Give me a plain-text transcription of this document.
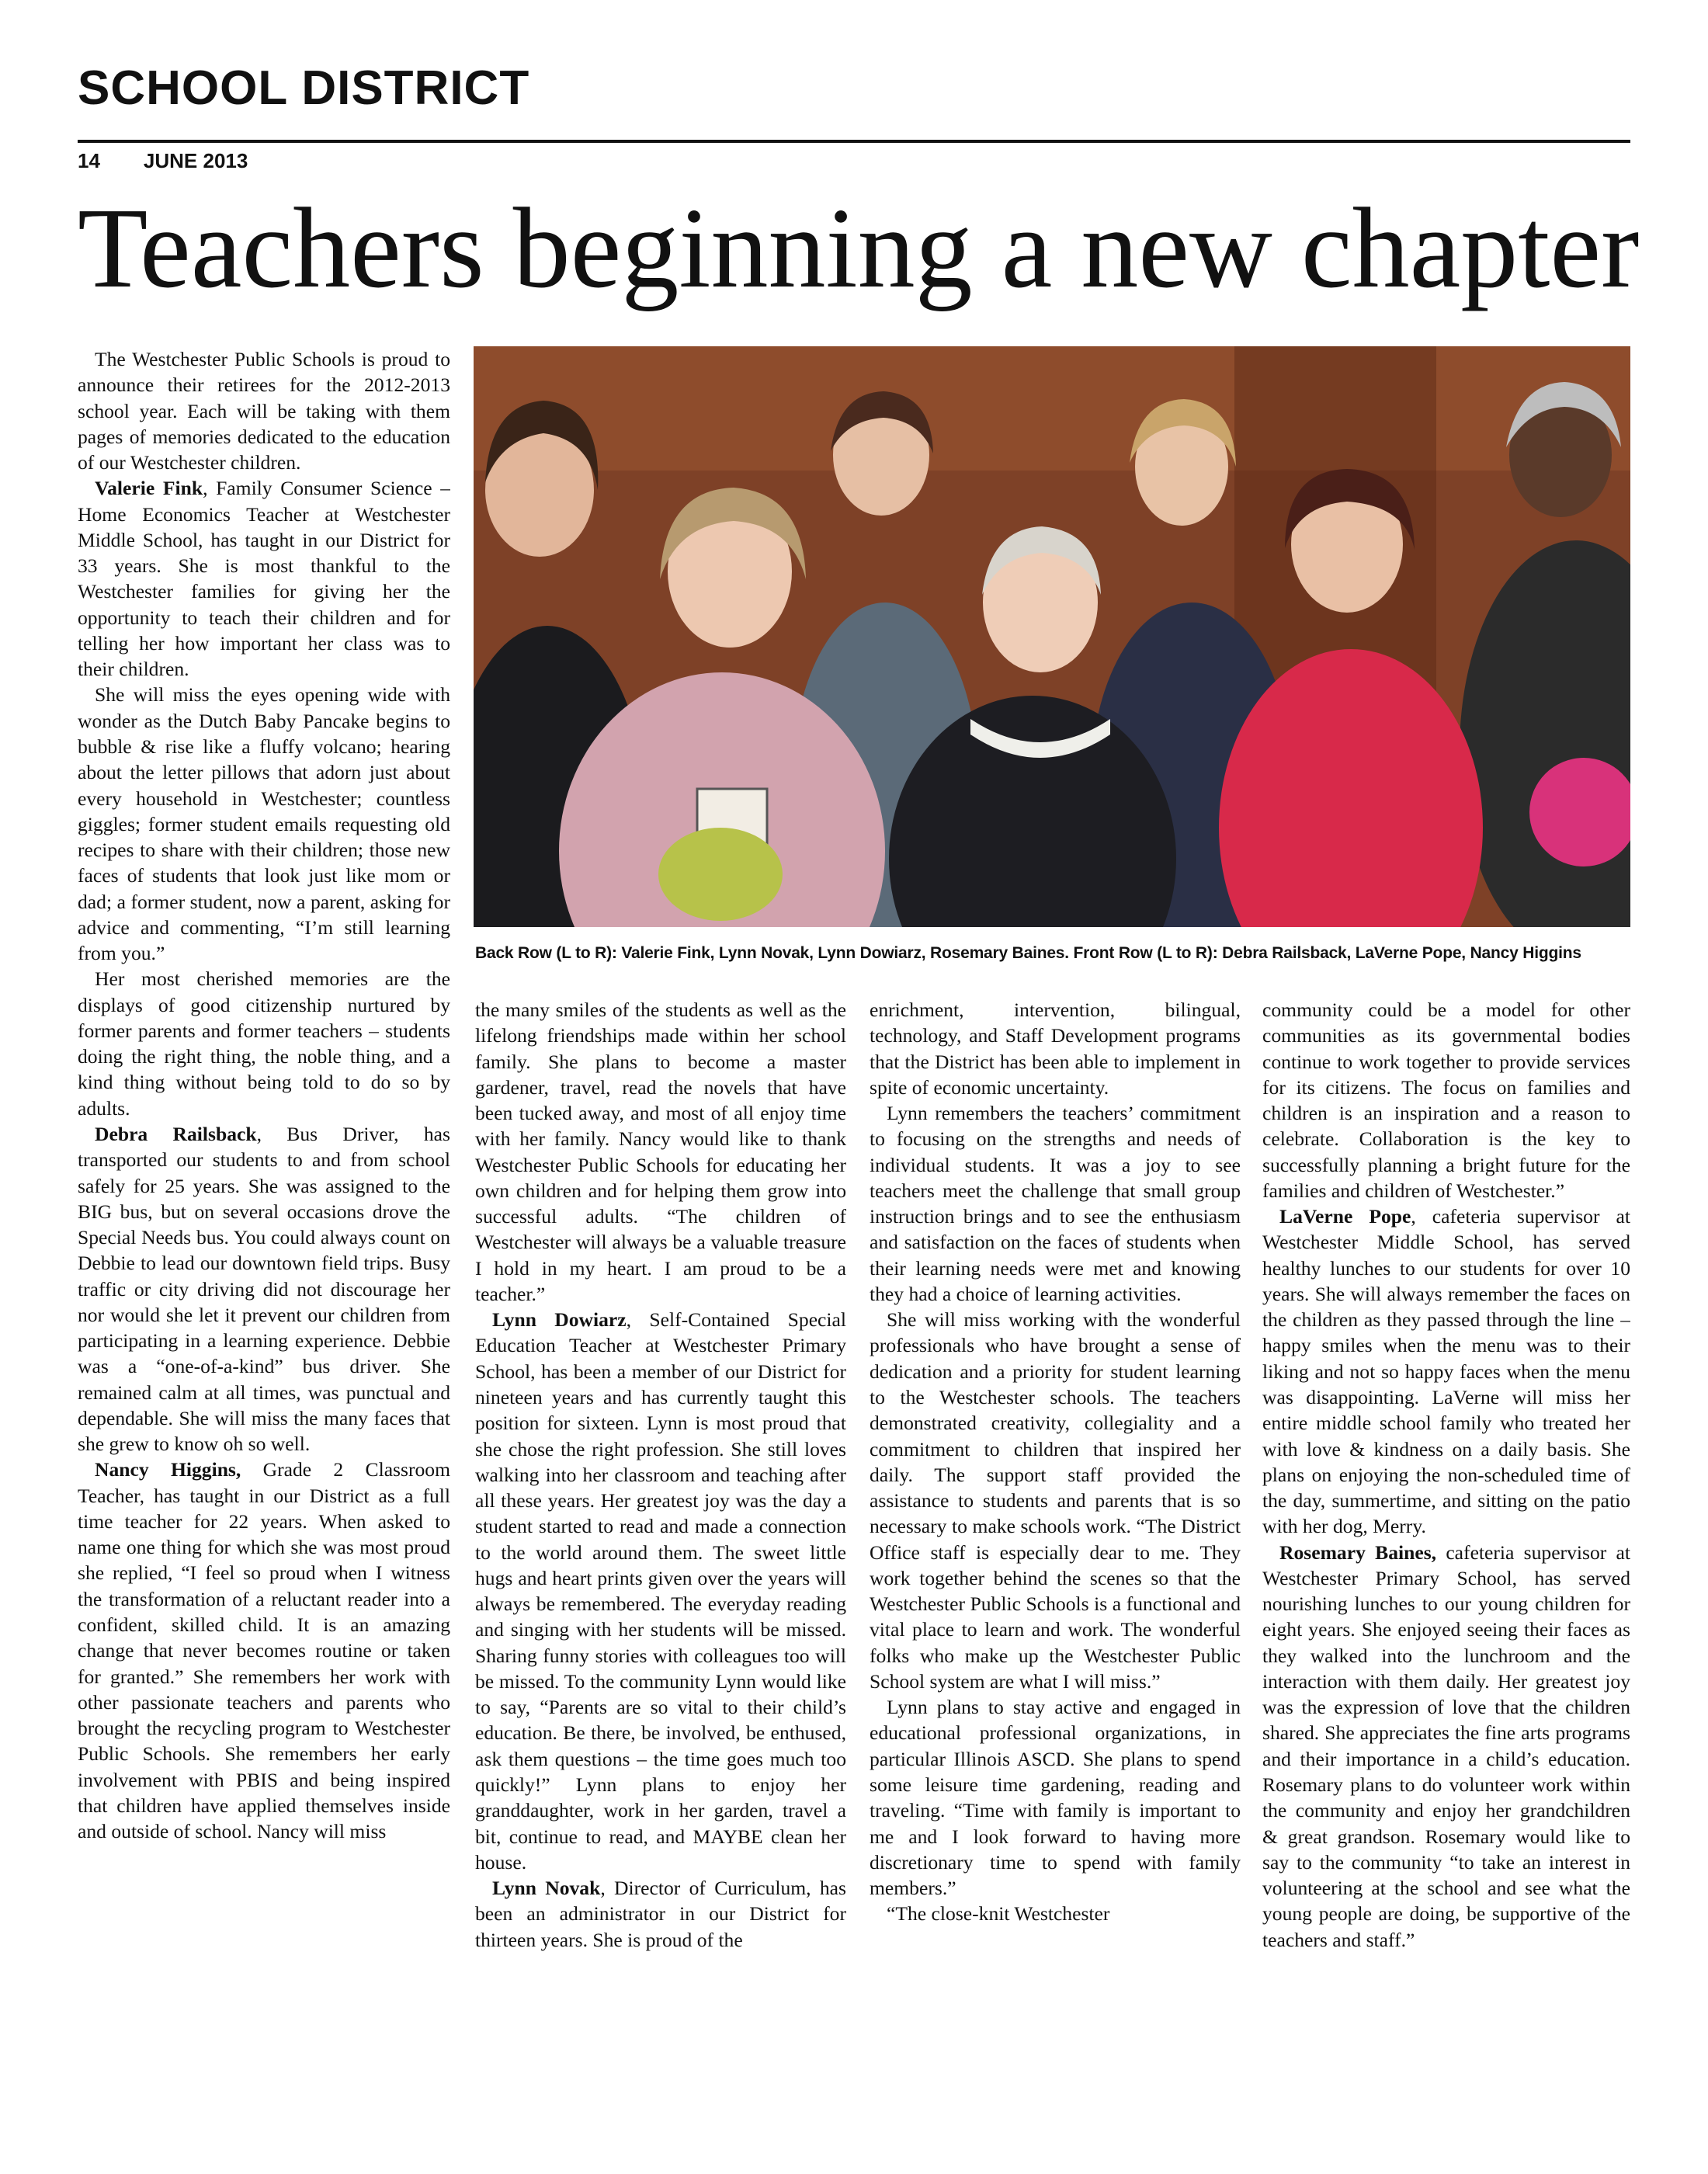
SCHOOL DISTRICT
14 JUNE 2013
Teachers beginning a new chapter

The Westchester Public Schools is proud to announce their retirees for the 2012-2013 school year. Each will be taking with them pages of memories dedicated to the education of our Westchester children.

Valerie Fink, Family Consumer Science – Home Economics Teacher at Westchester Middle School, has taught in our District for 33 years. She is most thankful to the Westchester families for giving her the opportunity to teach their children and for telling her how important her class was to their children.

She will miss the eyes opening wide with wonder as the Dutch Baby Pancake begins to bubble & rise like a fluffy volcano; hearing about the letter pillows that adorn just about every household in Westchester; countless giggles; former student emails requesting old recipes to share with their children; those new faces of students that look just like mom or dad; a former student, now a parent, asking for advice and commenting, “I’m still learning from you.”

Her most cherished memories are the displays of good citizenship nurtured by former parents and former teachers – students doing the right thing, the noble thing, and a kind thing without being told to do so by adults.

Debra Railsback, Bus Driver, has transported our students to and from school safely for 25 years. She was assigned to the BIG bus, but on several occasions drove the Special Needs bus. You could always count on Debbie to lead our downtown field trips. Busy traffic or city driving did not discourage her nor would she let it prevent our children from participating in a learning experience. Debbie was a “one-of-a-kind” bus driver. She remained calm at all times, was punctual and dependable. She will miss the many faces that she grew to know oh so well.

Nancy Higgins, Grade 2 Classroom Teacher, has taught in our District as a full time teacher for 22 years. When asked to name one thing for which she was most proud she replied, “I feel so proud when I witness the transformation of a reluctant reader into a confident, skilled child. It is an amazing change that never becomes routine or taken for granted.” She remembers her work with other passionate teachers and parents who brought the recycling program to Westchester Public Schools. She remembers her early involvement with PBIS and being inspired that children have applied themselves inside and outside of school. Nancy will miss

Back Row (L to R): Valerie Fink, Lynn Novak, Lynn Dowiarz, Rosemary Baines. Front Row (L to R): Debra Railsback, LaVerne Pope, Nancy Higgins

the many smiles of the students as well as the lifelong friendships made within her school family. She plans to become a master gardener, travel, read the novels that have been tucked away, and most of all enjoy time with her family. Nancy would like to thank Westchester Public Schools for educating her own children and for helping them grow into successful adults. “The children of Westchester will always be a valuable treasure I hold in my heart. I am proud to be a teacher.”

Lynn Dowiarz, Self-Contained Special Education Teacher at Westchester Primary School, has been a member of our District for nineteen years and has currently taught this position for sixteen. Lynn is most proud that she chose the right profession. She still loves walking into her classroom and teaching after all these years. Her greatest joy was the day a student started to read and made a connection to the world around them. The sweet little hugs and heart prints given over the years will always be remembered. The everyday reading and singing with her students will be missed. Sharing funny stories with colleagues too will be missed. To the community Lynn would like to say, “Parents are so vital to their child’s education. Be there, be involved, be enthused, ask them questions – the time goes much too quickly!” Lynn plans to enjoy her granddaughter, work in her garden, travel a bit, continue to read, and MAYBE clean her house.

Lynn Novak, Director of Curriculum, has been an administrator in our District for thirteen years. She is proud of the

enrichment, intervention, bilingual, technology, and Staff Development programs that the District has been able to implement in spite of economic uncertainty.

Lynn remembers the teachers’ commitment to focusing on the strengths and needs of individual students. It was a joy to see teachers meet the challenge that small group instruction brings and to see the enthusiasm and satisfaction on the faces of students when their learning needs were met and knowing they had a choice of learning activities.

She will miss working with the wonderful professionals who have brought a sense of dedication and a priority for student learning to the Westchester schools. The teachers demonstrated creativity, collegiality and a commitment to children that inspired her daily. The support staff provided the assistance to students and parents that is so necessary to make schools work. “The District Office staff is especially dear to me. They work together behind the scenes so that the Westchester Public Schools is a functional and vital place to learn and work. The wonderful folks who make up the Westchester Public School system are what I will miss.”

Lynn plans to stay active and engaged in educational professional organizations, in particular Illinois ASCD. She plans to spend some leisure time gardening, reading and traveling. “Time with family is important to me and I look forward to having more discretionary time to spend with family members.”

“The close-knit Westchester

community could be a model for other communities as its governmental bodies continue to work together to provide services for its citizens. The focus on families and children is an inspiration and a reason to celebrate. Collaboration is the key to successfully planning a bright future for the families and children of Westchester.”

LaVerne Pope, cafeteria supervisor at Westchester Middle School, has served healthy lunches to our students for over 10 years. She will always remember the faces on the children as they passed through the line – happy smiles when the menu was to their liking and not so happy faces when the menu was disappointing. LaVerne will miss her entire middle school family who treated her with love & kindness on a daily basis. She plans on enjoying the non-scheduled time of the day, summertime, and sitting on the patio with her dog, Merry.

Rosemary Baines, cafeteria supervisor at Westchester Primary School, has served nourishing lunches to our young children for eight years. She enjoyed seeing their faces as they walked into the lunchroom and the interaction with them daily. Her greatest joy was the expression of love that the children shared. She appreciates the fine arts programs and their importance in a child’s education. Rosemary plans to do volunteer work within the community and enjoy her grandchildren & great grandson. Rosemary would like to say to the community “to take an interest in volunteering at the school and see what the young people are doing, be supportive of the teachers and staff.”
